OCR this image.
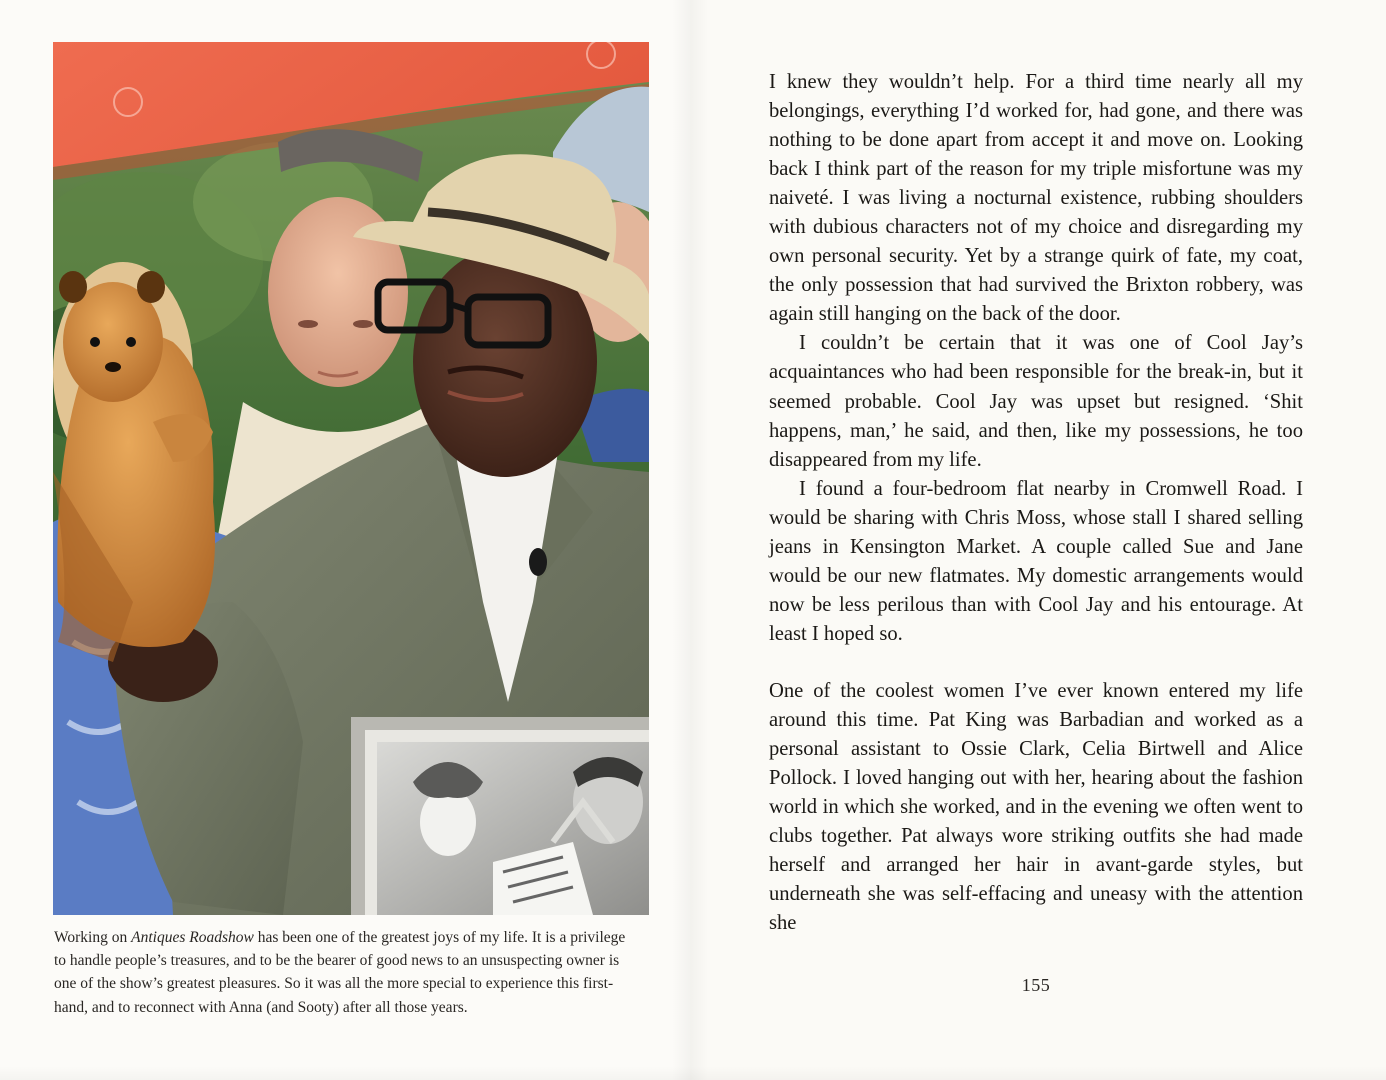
Working on Antiques Roadshow has been one of the greatest joys of my life. It is a privilege to handle people’s treasures, and to be the bearer of good news to an unsuspecting owner is one of the show’s greatest pleasures. So it was all the more special to experience this first-hand, and to reconnect with Anna (and Sooty) after all those years.

I knew they wouldn’t help. For a third time nearly all my belongings, everything I’d worked for, had gone, and there was nothing to be done apart from accept it and move on. Looking back I think part of the reason for my triple misfortune was my naiveté. I was living a nocturnal existence, rubbing shoulders with dubious characters not of my choice and disregarding my own personal security. Yet by a strange quirk of fate, my coat, the only possession that had survived the Brixton robbery, was again still hanging on the back of the door.

I couldn’t be certain that it was one of Cool Jay’s acquaintances who had been responsible for the break-in, but it seemed probable. Cool Jay was upset but resigned. ‘Shit happens, man,’ he said, and then, like my possessions, he too disappeared from my life.

I found a four-bedroom flat nearby in Cromwell Road. I would be sharing with Chris Moss, whose stall I shared selling jeans in Kensington Market. A couple called Sue and Jane would be our new flatmates. My domestic arrangements would now be less perilous than with Cool Jay and his entourage. At least I hoped so.

One of the coolest women I’ve ever known entered my life around this time. Pat King was Barbadian and worked as a personal assistant to Ossie Clark, Celia Birtwell and Alice Pollock. I loved hanging out with her, hearing about the fashion world in which she worked, and in the evening we often went to clubs together. Pat always wore striking outfits she had made herself and arranged her hair in avant-garde styles, but underneath she was self-effacing and uneasy with the attention she

155
